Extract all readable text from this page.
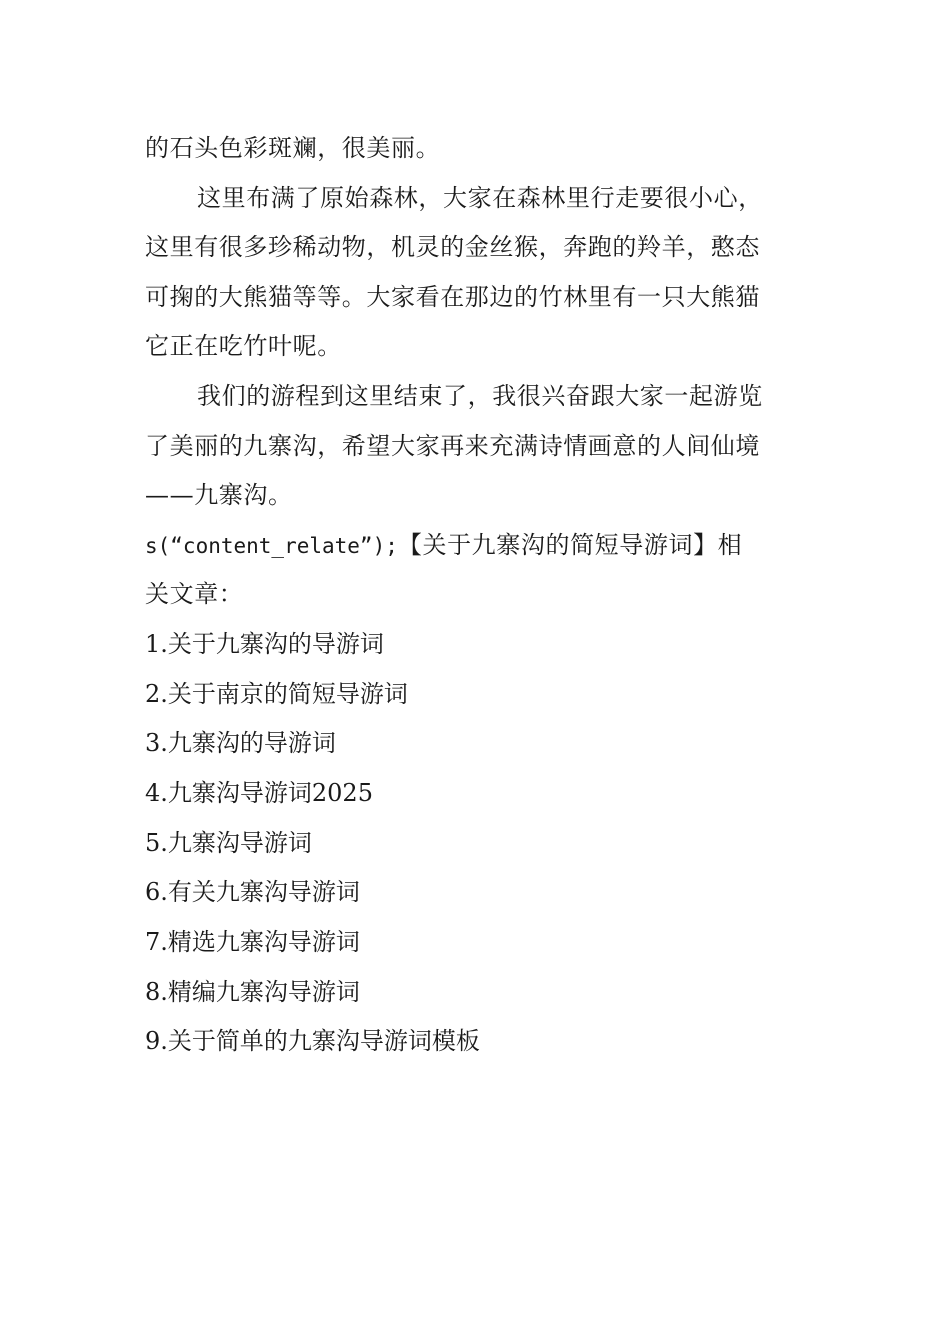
的石头色彩斑斓，很美丽。
这里布满了原始森林，大家在森林里行走要很小心，
这里有很多珍稀动物，机灵的金丝猴，奔跑的羚羊，憨态
可掬的大熊猫等等。大家看在那边的竹林里有一只大熊猫
它正在吃竹叶呢。
我们的游程到这里结束了，我很兴奋跟大家一起游览
了美丽的九寨沟，希望大家再来充满诗情画意的人间仙境
——九寨沟。
s(“content_relate”);【关于九寨沟的简短导游词】相
关文章：
1.关于九寨沟的导游词
2.关于南京的简短导游词
3.九寨沟的导游词
4.九寨沟导游词2025
5.九寨沟导游词
6.有关九寨沟导游词
7.精选九寨沟导游词
8.精编九寨沟导游词
9.关于简单的九寨沟导游词模板
